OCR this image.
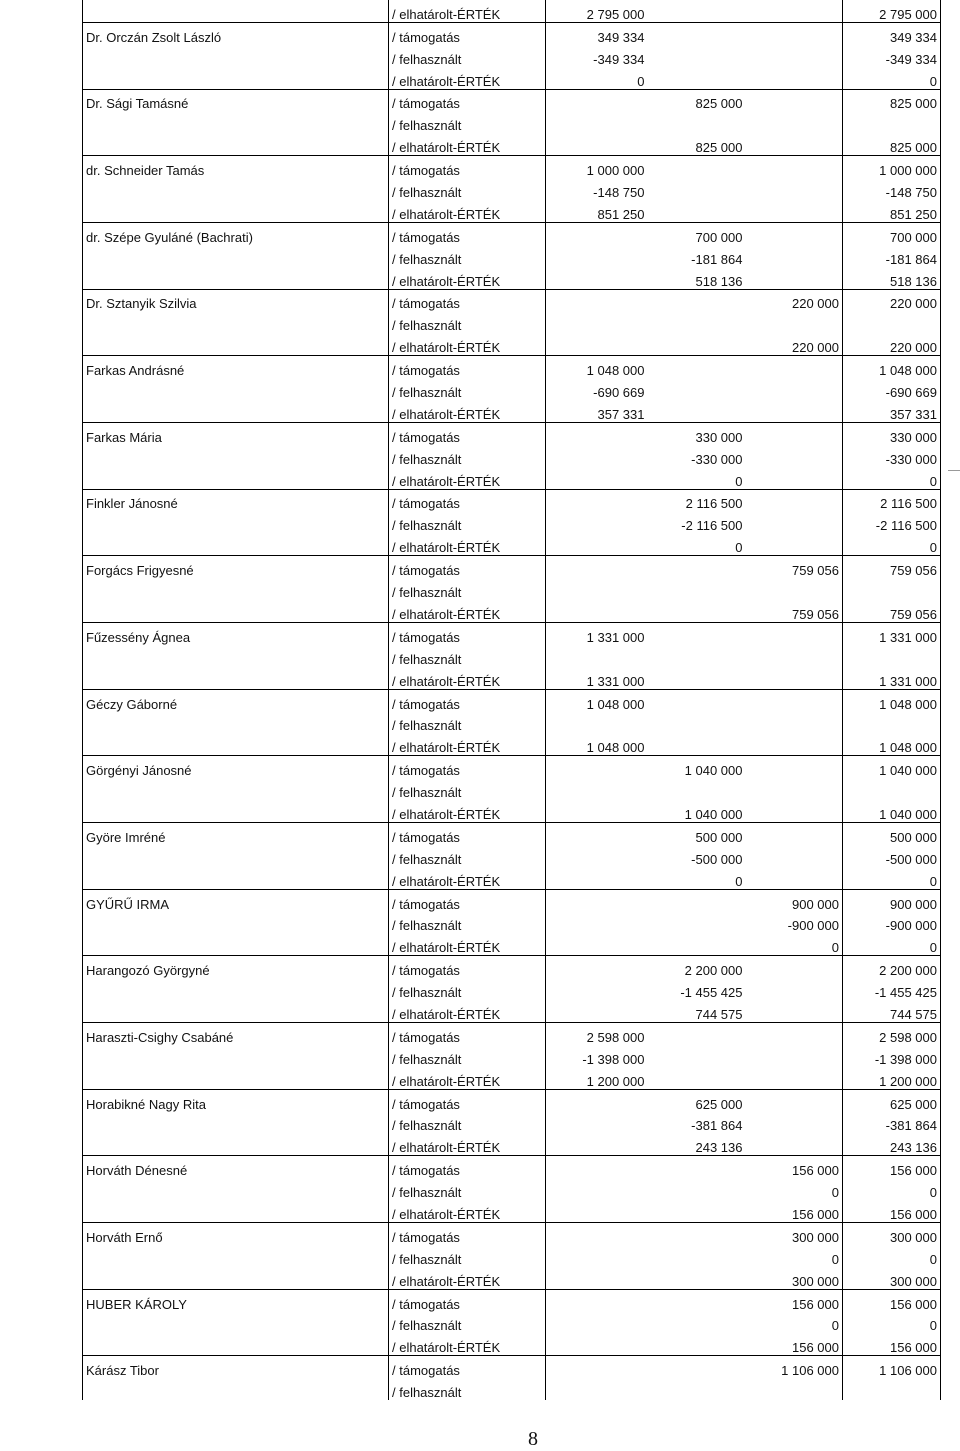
	/ elhatárolt-ÉRTÉK	2 795 000			2 795 000
Dr. Orczán Zsolt László	/ támogatás	349 334			349 334
	/ felhasznált	-349 334			-349 334
	/ elhatárolt-ÉRTÉK	0			0
Dr. Sági Tamásné	/ támogatás		825 000		825 000
	/ felhasznált				
	/ elhatárolt-ÉRTÉK		825 000		825 000
dr. Schneider Tamás	/ támogatás	1 000 000			1 000 000
	/ felhasznált	-148 750			-148 750
	/ elhatárolt-ÉRTÉK	851 250			851 250
dr. Szépe Gyuláné (Bachrati)	/ támogatás		700 000		700 000
	/ felhasznált		-181 864		-181 864
	/ elhatárolt-ÉRTÉK		518 136		518 136
Dr. Sztanyik Szilvia	/ támogatás			220 000	220 000
	/ felhasznált				
	/ elhatárolt-ÉRTÉK			220 000	220 000
Farkas Andrásné	/ támogatás	1 048 000			1 048 000
	/ felhasznált	-690 669			-690 669
	/ elhatárolt-ÉRTÉK	357 331			357 331
Farkas Mária	/ támogatás		330 000		330 000
	/ felhasznált		-330 000		-330 000
	/ elhatárolt-ÉRTÉK		0		0
Finkler Jánosné	/ támogatás		2 116 500		2 116 500
	/ felhasznált		-2 116 500		-2 116 500
	/ elhatárolt-ÉRTÉK		0		0
Forgács Frigyesné	/ támogatás			759 056	759 056
	/ felhasznált				
	/ elhatárolt-ÉRTÉK			759 056	759 056
Fűzessény Ágnea	/ támogatás	1 331 000			1 331 000
	/ felhasznált				
	/ elhatárolt-ÉRTÉK	1 331 000			1 331 000
Géczy Gáborné	/ támogatás	1 048 000			1 048 000
	/ felhasznált				
	/ elhatárolt-ÉRTÉK	1 048 000			1 048 000
Görgényi Jánosné	/ támogatás		1 040 000		1 040 000
	/ felhasznált				
	/ elhatárolt-ÉRTÉK		1 040 000		1 040 000
Györe Imréné	/ támogatás		500 000		500 000
	/ felhasznált		-500 000		-500 000
	/ elhatárolt-ÉRTÉK		0		0
GYŰRŰ IRMA	/ támogatás			900 000	900 000
	/ felhasznált			-900 000	-900 000
	/ elhatárolt-ÉRTÉK			0	0
Harangozó Györgyné	/ támogatás		2 200 000		2 200 000
	/ felhasznált		-1 455 425		-1 455 425
	/ elhatárolt-ÉRTÉK		744 575		744 575
Haraszti-Csighy Csabáné	/ támogatás	2 598 000			2 598 000
	/ felhasznált	-1 398 000			-1 398 000
	/ elhatárolt-ÉRTÉK	1 200 000			1 200 000
Horabikné Nagy Rita	/ támogatás		625 000		625 000
	/ felhasznált		-381 864		-381 864
	/ elhatárolt-ÉRTÉK		243 136		243 136
Horváth Dénesné	/ támogatás			156 000	156 000
	/ felhasznált			0	0
	/ elhatárolt-ÉRTÉK			156 000	156 000
Horváth Ernő	/ támogatás			300 000	300 000
	/ felhasznált			0	0
	/ elhatárolt-ÉRTÉK			300 000	300 000
HUBER KÁROLY	/ támogatás			156 000	156 000
	/ felhasznált			0	0
	/ elhatárolt-ÉRTÉK			156 000	156 000
Kárász Tibor	/ támogatás			1 106 000	1 106 000
	/ felhasznált				
8
